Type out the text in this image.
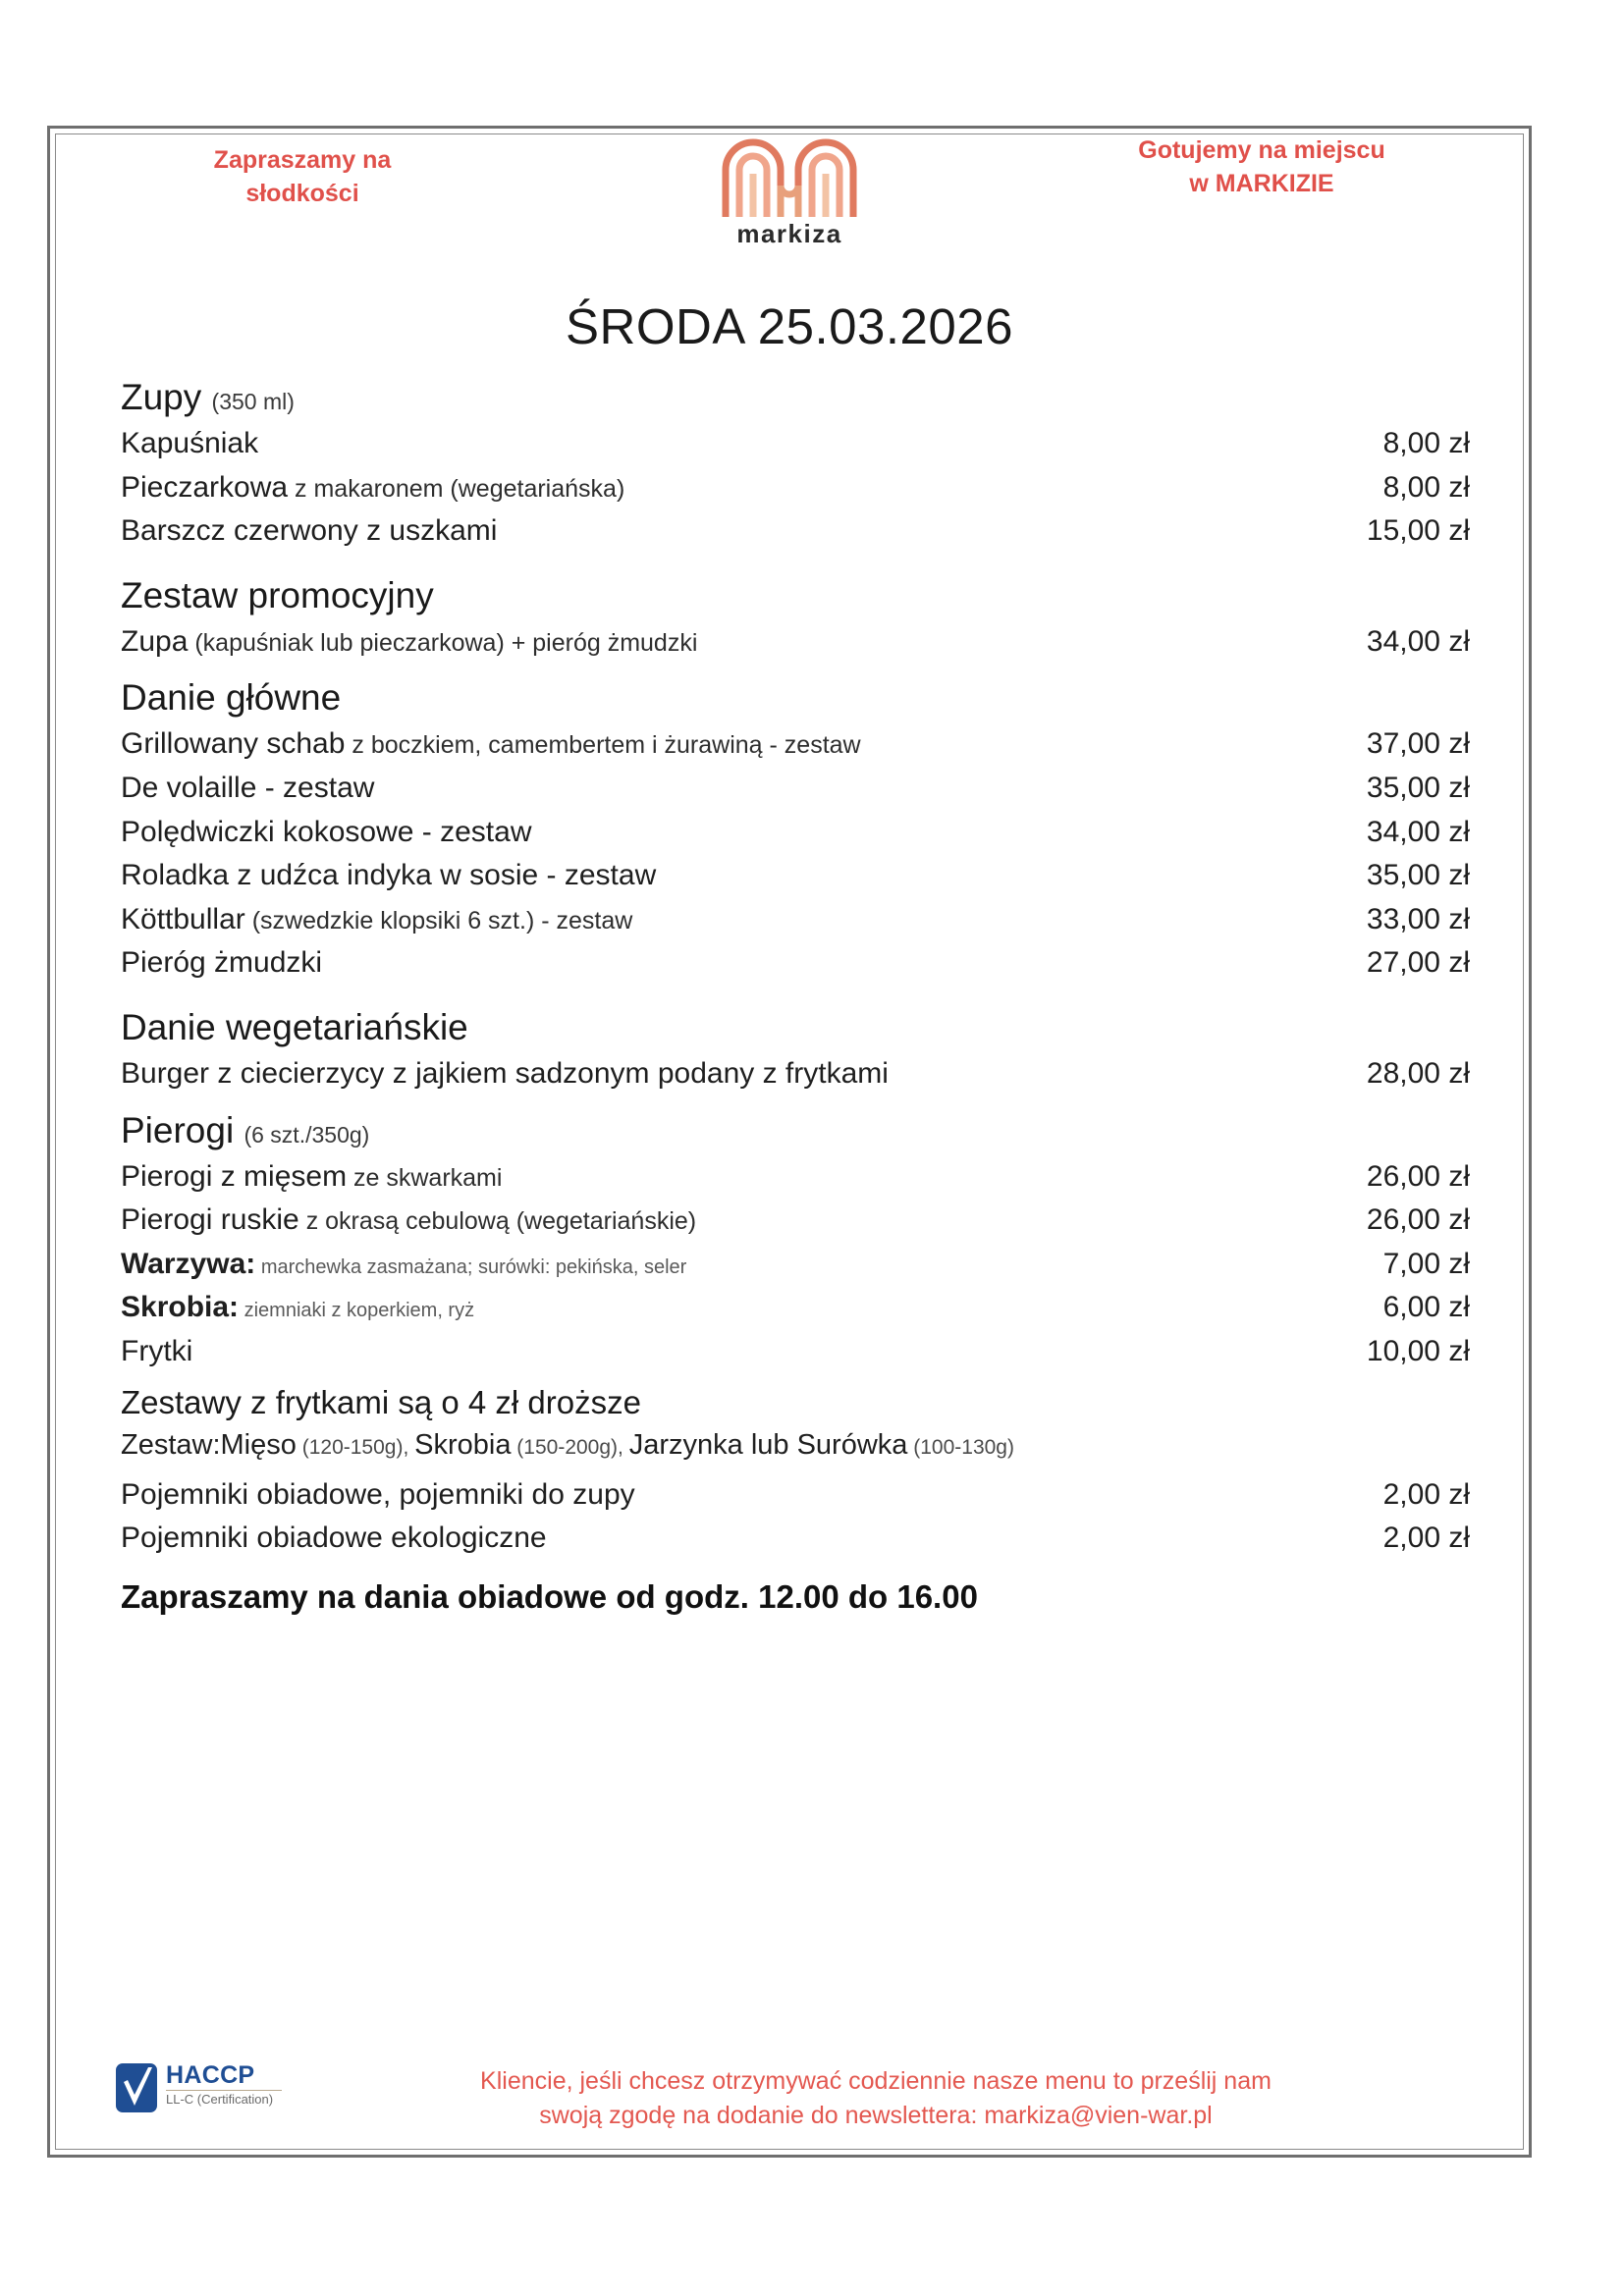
Zapraszamy na
słodkości
markiza
Gotujemy na miejscu
w MARKIZIE
ŚRODA 25.03.2026
Zupy (350 ml)
Kapuśniak	8,00 zł
Pieczarkowa z makaronem (wegetariańska)	8,00 zł
Barszcz czerwony z uszkami	15,00 zł
Zestaw promocyjny
Zupa (kapuśniak lub pieczarkowa) + pieróg żmudzki	34,00 zł
Danie główne
Grillowany schab z boczkiem, camembertem i żurawiną - zestaw	37,00 zł
De volaille - zestaw	35,00 zł
Polędwiczki kokosowe - zestaw	34,00 zł
Roladka z udźca indyka w sosie - zestaw	35,00 zł
Köttbullar (szwedzkie klopsiki 6 szt.) - zestaw	33,00 zł
Pieróg żmudzki	27,00 zł
Danie wegetariańskie
Burger z ciecierzycy z jajkiem sadzonym podany z frytkami	28,00 zł
Pierogi (6 szt./350g)
Pierogi z mięsem ze skwarkami	26,00 zł
Pierogi ruskie z okrasą cebulową (wegetariańskie)	26,00 zł
Warzywa: marchewka zasmażana; surówki: pekińska, seler	7,00 zł
Skrobia: ziemniaki z koperkiem, ryż	6,00 zł
Frytki	10,00 zł
Zestawy z frytkami są o 4 zł droższe
Zestaw:Mięso (120-150g), Skrobia (150-200g), Jarzynka lub Surówka (100-130g)
Pojemniki obiadowe, pojemniki do zupy	2,00 zł
Pojemniki obiadowe ekologiczne	2,00 zł
Zapraszamy na dania obiadowe od godz. 12.00 do 16.00
HACCP
LL-C (Certification)
Kliencie, jeśli chcesz otrzymywać codziennie nasze menu to prześlij nam
swoją zgodę na dodanie do newslettera: markiza@vien-war.pl
